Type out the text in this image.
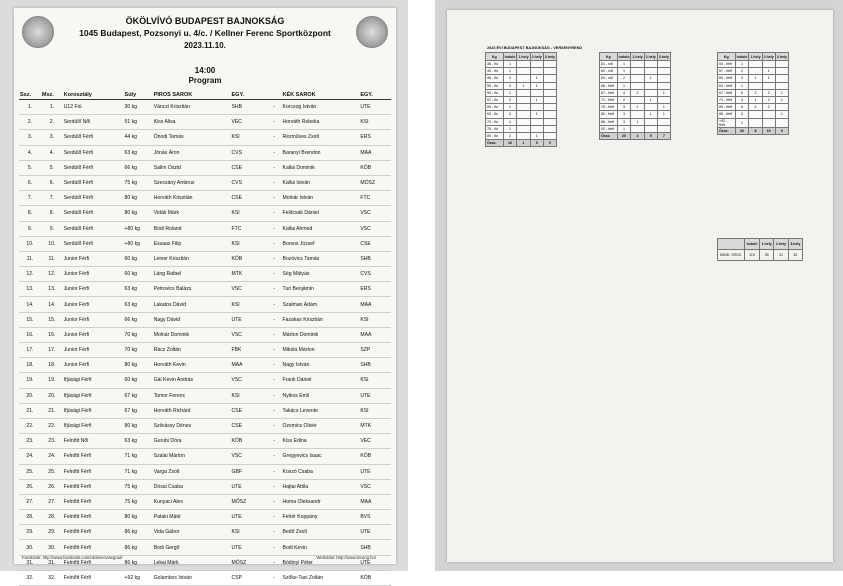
ÖKÖLVÍVÓ BUDAPEST BAJNOKSÁG
1045 Budapest, Pozsonyi u. 4/c. / Kellner Ferenc Sportközpont
2023.11.10.
14:00
Program
Ssz.	Msz.	Korosztály	Súly	PIROS SAROK	EGY.		KÉK SAROK	EGY.
1.	1.	U12 Fiú	30 kg	Vánczi Krisztián	SHB	-	Korcsog István	UTE
2.	2.	Serdülő Női	51 kg	Kiss Alisa	VEC	-	Horváth Rebeka	KSI
3.	3.	Serdülő Férfi	44 kg	Ónodi Tamás	KSI	-	Rézműves Zsolt	ERS
4.	4.	Serdülő Férfi	63 kg	Jónás Áron	CVS	-	Baranyi Brendon	MAA
5.	5.	Serdülő Férfi	66 kg	Salim Oszid	CSE	-	Kallai Dominik	KÖB
6.	6.	Serdülő Férfi	75 kg	Szecsány Ambrus	CVS	-	Kallai István	MÖSZ
7.	7.	Serdülő Férfi	80 kg	Horváth Krisztián	CSE	-	Molnár István	FTC
8.	8.	Serdülő Férfi	80 kg	Vidák Márk	KSI	-	Feldcsák Dániel	VSC
9.	9.	Serdülő Férfi	+80 kg	Bódi Roland	FTC	-	Kallai Ahmed	VSC
10.	10.	Serdülő Férfi	+80 kg	Essaas Filip	KSI	-	Borsos József	CSE
11.	11.	Junior Férfi	60 kg	Leiner Krisztián	KÖB	-	Bozóvics Tamás	SHB
12.	12.	Junior Férfi	60 kg	Láng Rafael	MTK	-	Ség Mátyás	CVS
13.	13.	Junior Férfi	63 kg	Petrovics Balázs	VSC	-	Turi Benjámin	ERS
14.	14.	Junior Férfi	63 kg	Lakatos Dávid	KSI	-	Szalman Ádám	MAA
15.	15.	Junior Férfi	66 kg	Nagy Dávid	UTE	-	Fazakas Krisztián	KSI
16.	16.	Junior Férfi	70 kg	Molnár Dominik	VSC	-	Márton Dominik	MAA
17.	17.	Junior Férfi	70 kg	Rácz Zoltán	FBK	-	Mikola Márton	SZP
18.	18.	Junior Férfi	80 kg	Horváth Kevin	MAA	-	Nagy István	SHB
19.	19.	Ifjúsági Férfi	60 kg	Gál Kevin András	VSC	-	Frank Dániel	KSI
20.	20.	Ifjúsági Férfi	67 kg	Tomor Ferenc	KSI	-	Nyikos Emil	UTE
21.	21.	Ifjúsági Férfi	67 kg	Horváth Richárd	CSE	-	Takács Levente	KSI
22.	22.	Ifjúsági Férfi	80 kg	Szilvássy Dénes	CSE	-	Ozsmics Olivér	MTK
23.	23.	Felnőtt Női	63 kg	Gurubi Dóra	KÖB	-	Kiss Edina	VEC
24.	24.	Felnőtt Férfi	71 kg	Szalai Márton	VSC	-	Gregyevics Isaac	KÖB
25.	25.	Felnőtt Férfi	71 kg	Varga Zsolt	GBF	-	Koszó Csaba	UTE
26.	26.	Felnőtt Férfi	75 kg	Dósai Csaba	UTE	-	Hajtai Attila	VSC
27.	27.	Felnőtt Férfi	75 kg	Kunyaci Alex	MÖSZ	-	Homa Oleksandr	MAA
28.	28.	Felnőtt Férfi	80 kg	Pataki Máté	UTE	-	Fehér Koppány	BVS
29.	29.	Felnőtt Férfi	86 kg	Vida Gábor	KSI	-	Bedő Zsolt	UTE
30.	30.	Felnőtt Férfi	86 kg	Bodi Gergő	UTE	-	Bodi Kevin	SHB
31.	31.	Felnőtt Férfi	86 kg	Lekai Márk	MÖSZ	-	Bódinyi Péter	UTE
32.	32.	Felnőtt Férfi	+92 kg	Golambos István	CSP	-	Szőke-Tasi Zoltán	KÖB
Facebook: http://www.facebook.com/okolvivovisegrad/	Weboldal: http://www.boxing.hu/
2023 ÉVI BUDAPEST BAJNOKSÁG - VERSENYREND
Kg	Induló	1.hely	2.hely	3.hely
36 - fiú	1			
40 - fiú	1			
46 - fiú	2		1	
50 - fiú	2	1	1	
54 - fiú	1			
57 - fiú	2		1	
60 - fiú	1			
63 - fiú	2		1	
70 - fiú	1			
75 - fiú	1			
80 - fiú	2		1	
Össz.	16	1	5	0
Kg	Induló	1.hely	2.hely	3.hely
51 - női	1			
60 - női	1			
63 - női	2		1	
66 - férfi	1			
67 - férfi	4	2		1
71 - férfi	2		1	
75 - férfi	3	1		1
80 - férfi	3		1	1
86 - férfi	3	1		
92 - férfi	1			
Össz.	20	4	5	7
Kg	Induló	1.hely	2.hely	3.hely
54 - férfi	1			
57 - férfi	2		1	
60 - férfi	3	1	1	
63 - férfi	1			
67 - férfi	6	2	2	1
71 - férfi	4	1	2	1
80 - férfi	6	4	2	
86 - férfi	2			1
+92 - férfi	1			
Össz.	26	8	10	6
	Induló	1.hely	2.hely	3.hely
MIND. ÖSSZ.	119	35	31	32
